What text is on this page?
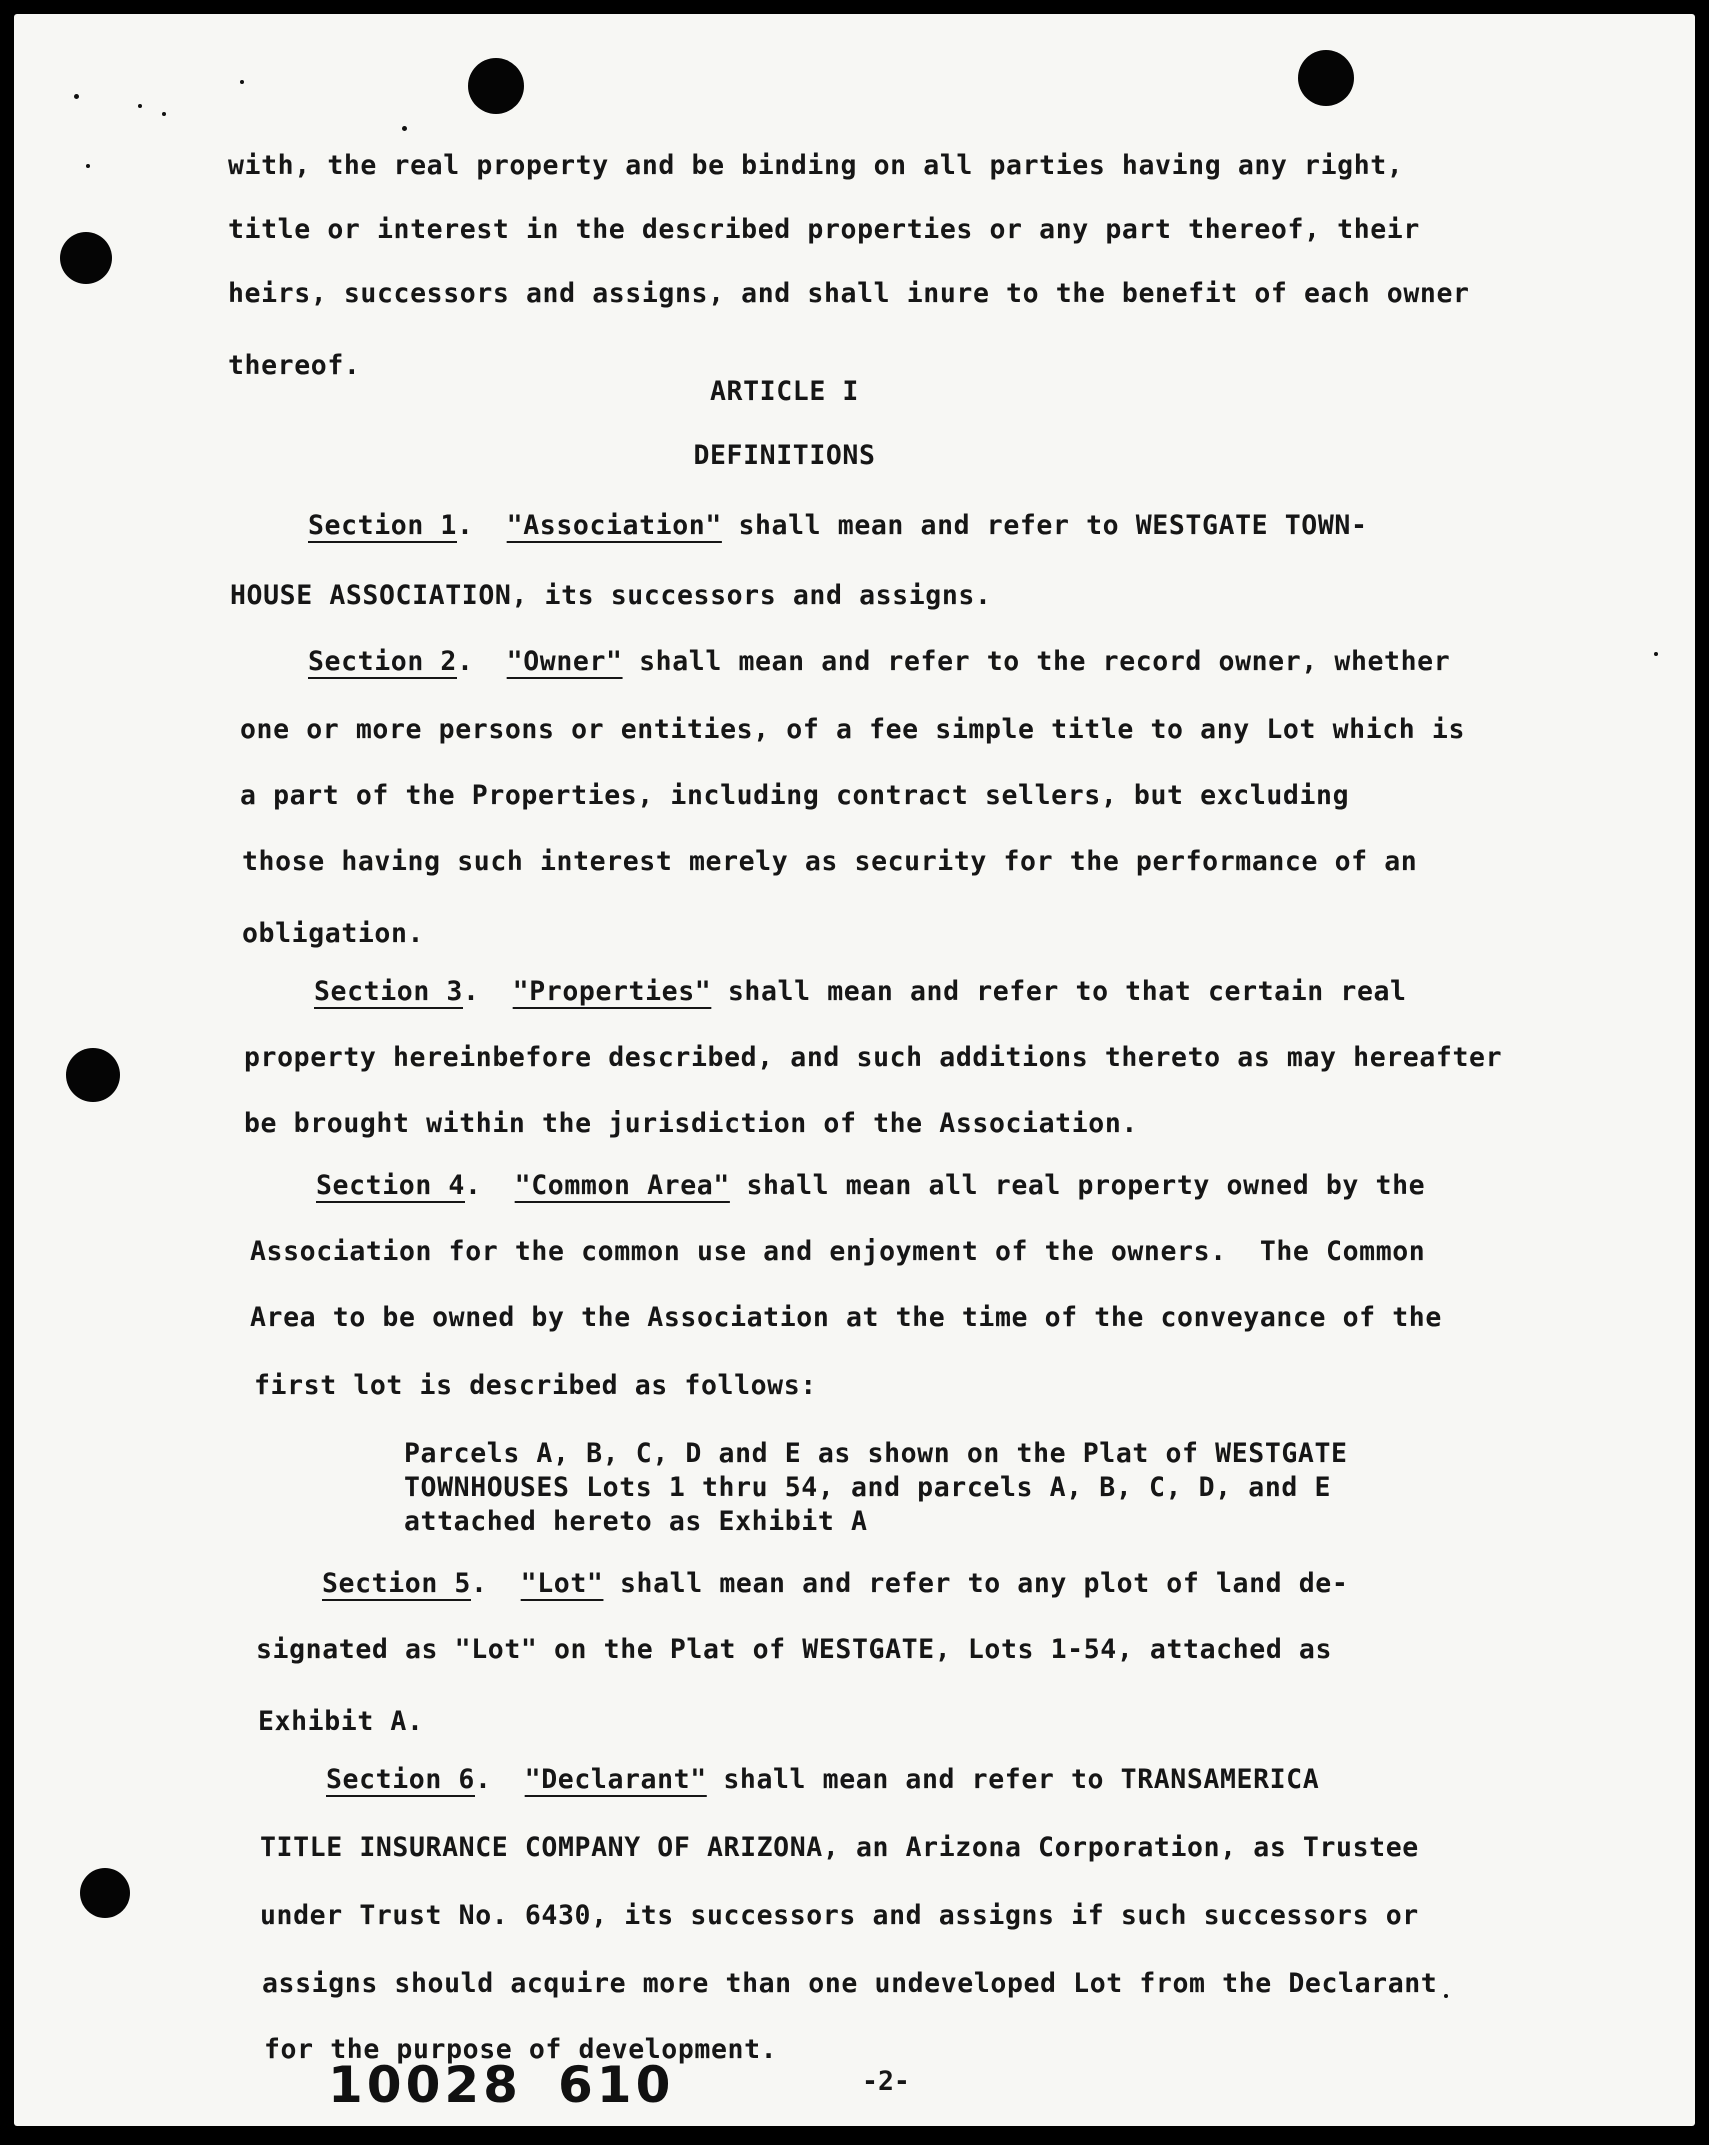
with, the real property and be binding on all parties having any right,
title or interest in the described properties or any part thereof, their
heirs, successors and assigns, and shall inure to the benefit of each owner
thereof.
ARTICLE I
DEFINITIONS
Section 1.  "Association" shall mean and refer to WESTGATE TOWN-
HOUSE ASSOCIATION, its successors and assigns.
Section 2.  "Owner" shall mean and refer to the record owner, whether
one or more persons or entities, of a fee simple title to any Lot which is
a part of the Properties, including contract sellers, but excluding
those having such interest merely as security for the performance of an
obligation.
Section 3.  "Properties" shall mean and refer to that certain real
property hereinbefore described, and such additions thereto as may hereafter
be brought within the jurisdiction of the Association.
Section 4.  "Common Area" shall mean all real property owned by the
Association for the common use and enjoyment of the owners.  The Common
Area to be owned by the Association at the time of the conveyance of the
first lot is described as follows:
Parcels A, B, C, D and E as shown on the Plat of WESTGATE
TOWNHOUSES Lots 1 thru 54, and parcels A, B, C, D, and E
attached hereto as Exhibit A
Section 5.  "Lot" shall mean and refer to any plot of land de-
signated as "Lot" on the Plat of WESTGATE, Lots 1-54, attached as
Exhibit A.
Section 6.  "Declarant" shall mean and refer to TRANSAMERICA
TITLE INSURANCE COMPANY OF ARIZONA, an Arizona Corporation, as Trustee
under Trust No. 6430, its successors and assigns if such successors or
assigns should acquire more than one undeveloped Lot from the Declarant
for the purpose of development.
10028 610	-2-
